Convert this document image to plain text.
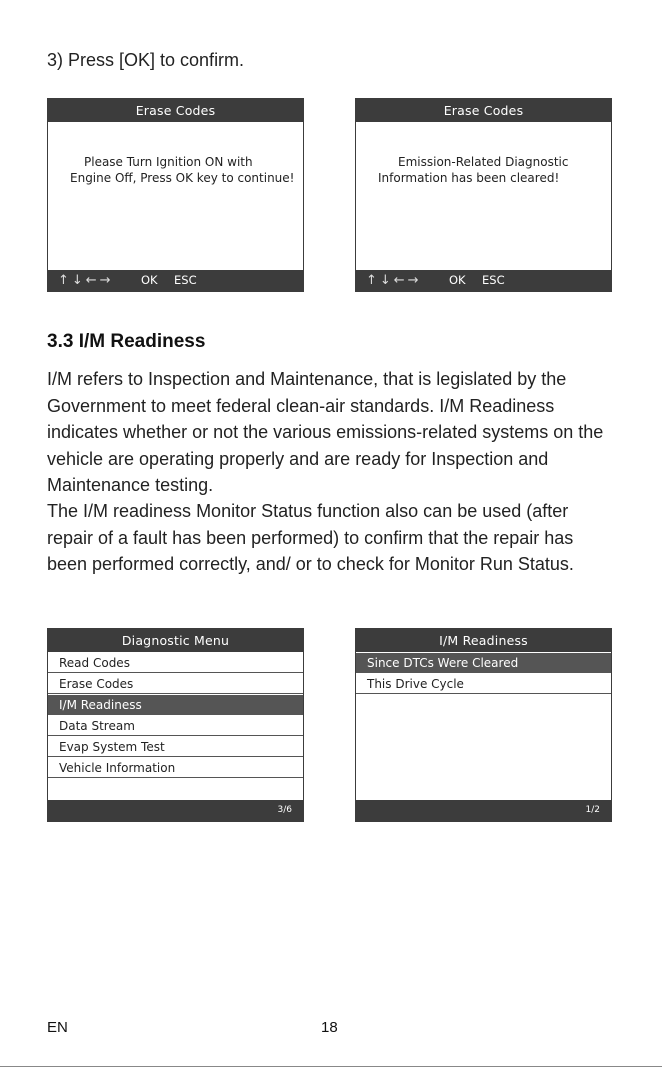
3) Press [OK] to confirm.
Erase Codes
Please Turn Ignition ON with Engine Off, Press OK key to continue!
↑↓←→ OK ESC
Erase Codes
Emission-Related Diagnostic Information has been cleared!
↑↓←→ OK ESC
3.3 I/M Readiness
I/M refers to Inspection and Maintenance, that is legislated by the Government to meet federal clean-air standards. I/M Readiness indicates whether or not the various emissions-related systems on the vehicle are operating properly and are ready for Inspection and Maintenance testing.
The I/M readiness Monitor Status function also can be used (after repair of a fault has been performed) to confirm that the repair has been performed correctly, and/ or to check for Monitor Run Status.
Diagnostic Menu
Read Codes
Erase Codes
I/M Readiness
Data Stream
Evap System Test
Vehicle Information
3/6
I/M Readiness
Since DTCs Were Cleared
This Drive Cycle
1/2
EN	18
